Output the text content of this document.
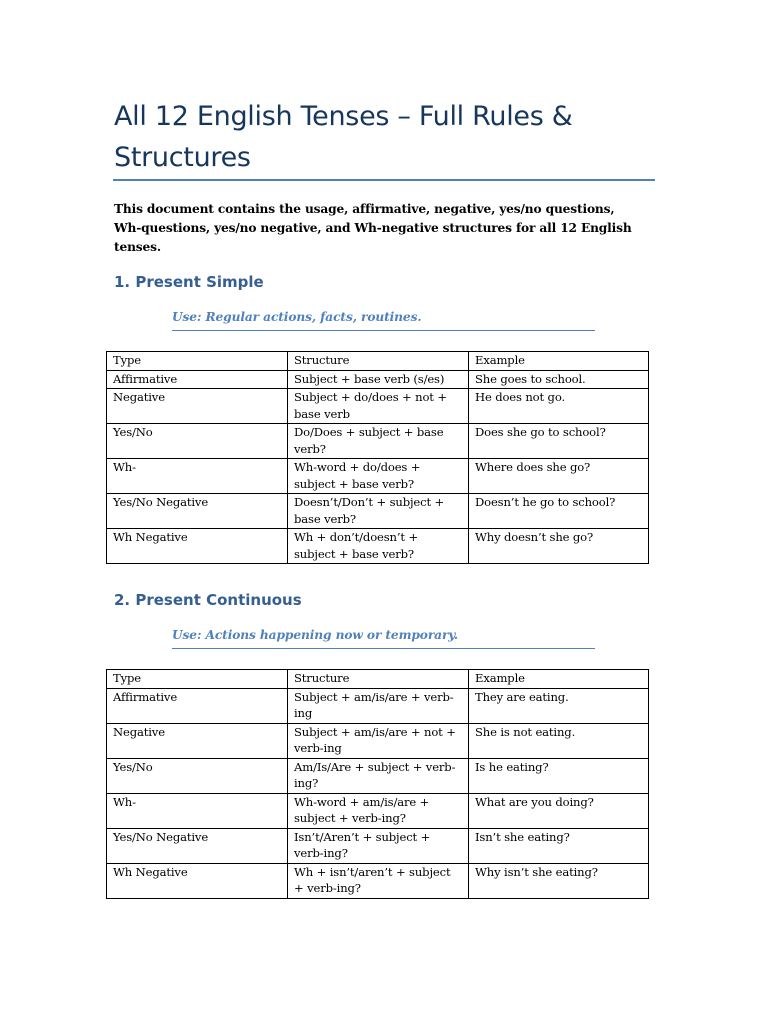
All 12 English Tenses – Full Rules & Structures

This document contains the usage, affirmative, negative, yes/no questions, Wh-questions, yes/no negative, and Wh-negative structures for all 12 English tenses.

1. Present Simple

Use: Regular actions, facts, routines.

Type	Structure	Example
Affirmative	Subject + base verb (s/es)	She goes to school.
Negative	Subject + do/does + not + base verb	He does not go.
Yes/No	Do/Does + subject + base verb?	Does she go to school?
Wh-	Wh-word + do/does + subject + base verb?	Where does she go?
Yes/No Negative	Doesn’t/Don’t + subject + base verb?	Doesn’t he go to school?
Wh Negative	Wh + don’t/doesn’t + subject + base verb?	Why doesn’t she go?
2. Present Continuous

Use: Actions happening now or temporary.

Type	Structure	Example
Affirmative	Subject + am/is/are + verb-ing	They are eating.
Negative	Subject + am/is/are + not + verb-ing	She is not eating.
Yes/No	Am/Is/Are + subject + verb-ing?	Is he eating?
Wh-	Wh-word + am/is/are + subject + verb-ing?	What are you doing?
Yes/No Negative	Isn’t/Aren’t + subject + verb-ing?	Isn’t she eating?
Wh Negative	Wh + isn’t/aren’t + subject + verb-ing?	Why isn’t she eating?
